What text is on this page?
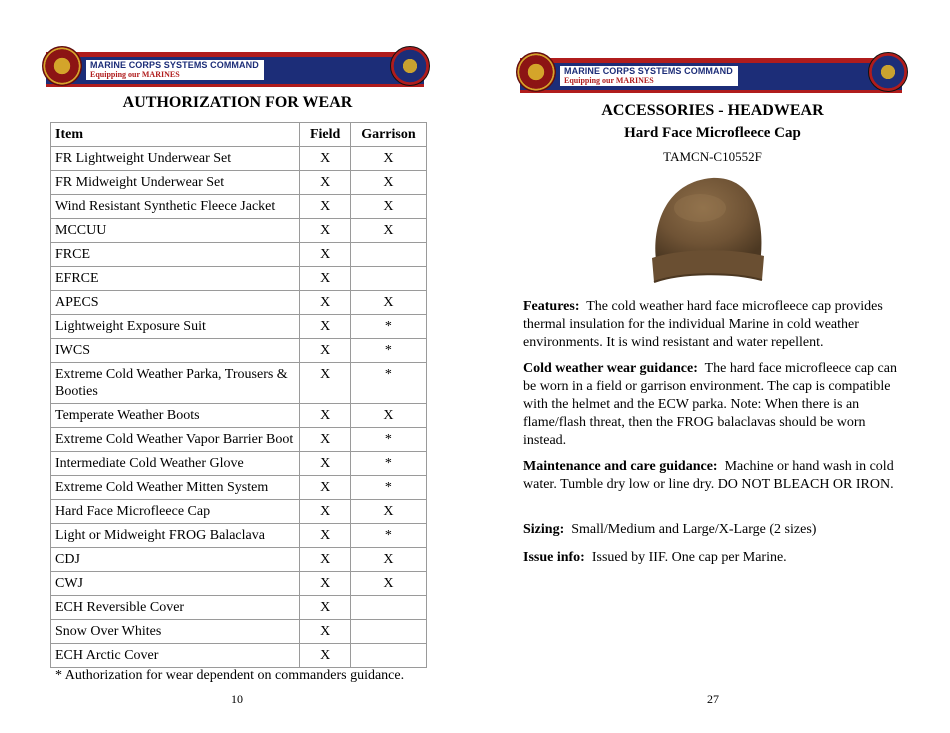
MARINE CORPS SYSTEMS COMMAND
Equipping our MARINES
AUTHORIZATION FOR WEAR
Item	Field	Garrison
FR Lightweight Underwear Set	X	X
FR Midweight Underwear Set	X	X
Wind Resistant Synthetic Fleece Jacket	X	X
MCCUU	X	X
FRCE	X	
EFRCE	X	
APECS	X	X
Lightweight Exposure Suit	X	*
IWCS	X	*
Extreme Cold Weather Parka, Trousers & Booties	X	*
Temperate Weather Boots	X	X
Extreme Cold Weather Vapor Barrier Boot	X	*
Intermediate Cold Weather Glove	X	*
Extreme Cold Weather Mitten System	X	*
Hard Face Microfleece Cap	X	X
Light or Midweight FROG Balaclava	X	*
CDJ	X	X
CWJ	X	X
ECH Reversible Cover	X	
Snow Over Whites	X	
ECH Arctic Cover	X	
* Authorization for wear dependent on commanders guidance.
10
MARINE CORPS SYSTEMS COMMAND
Equipping our MARINES
ACCESSORIES - HEADWEAR
Hard Face Microfleece Cap
TAMCN-C10552F
Features: The cold weather hard face microfleece cap provides thermal insulation for the individual Marine in cold weather environments. It is wind resistant and water repellent.
Cold weather wear guidance: The hard face microfleece cap can be worn in a field or garrison environment. The cap is compatible with the helmet and the ECW parka. Note: When there is an flame/flash threat, then the FROG balaclavas should be worn instead.
Maintenance and care guidance: Machine or hand wash in cold water. Tumble dry low or line dry. DO NOT BLEACH OR IRON.
Sizing: Small/Medium and Large/X-Large (2 sizes)
Issue info: Issued by IIF. One cap per Marine.
27
